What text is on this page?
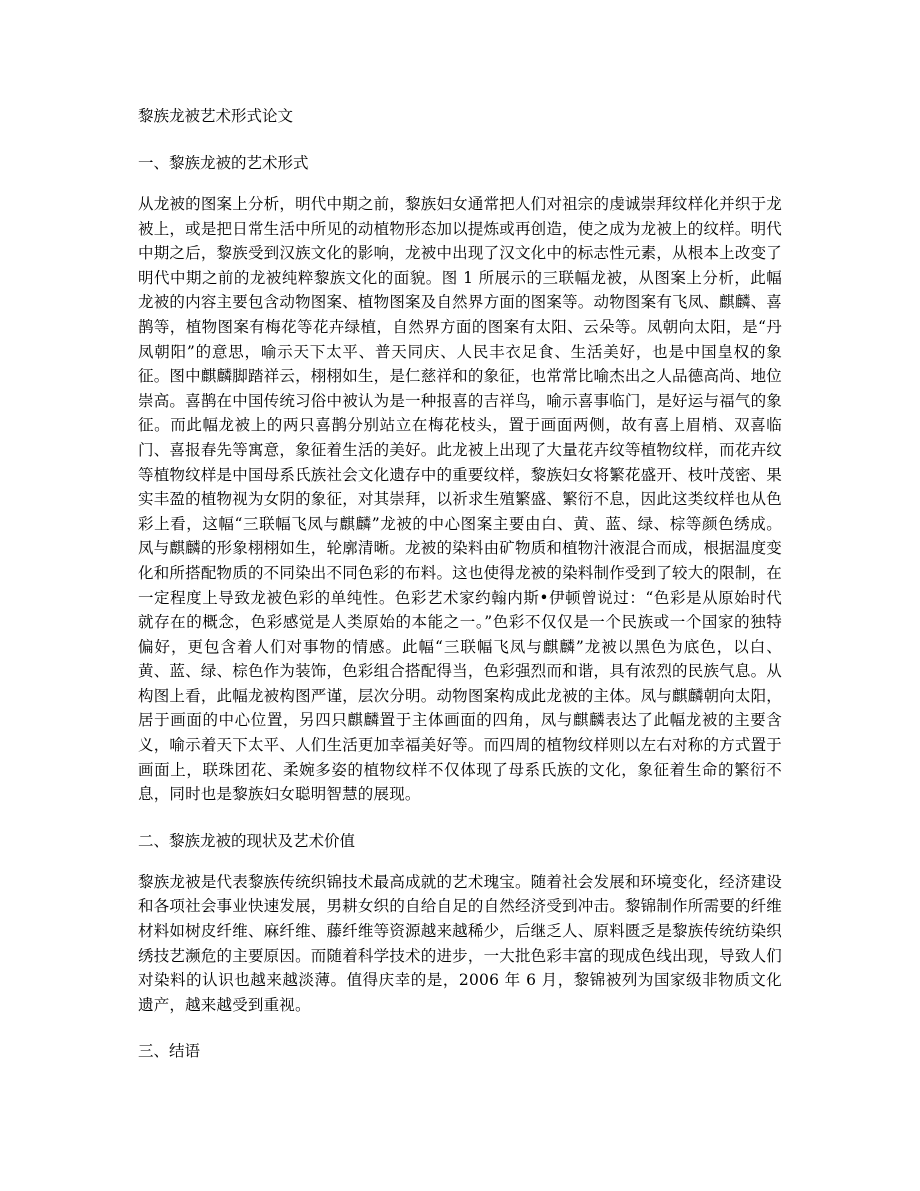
黎族龙被艺术形式论文
一、黎族龙被的艺术形式

从龙被的图案上分析，明代中期之前，黎族妇女通常把人们对祖宗的虔诚崇拜纹样化并织于龙被上，或是把日常生活中所见的动植物形态加以提炼或再创造，使之成为龙被上的纹样。明代中期之后，黎族受到汉族文化的影响，龙被中出现了汉文化中的标志性元素，从根本上改变了明代中期之前的龙被纯粹黎族文化的面貌。图 1 所展示的三联幅龙被，从图案上分析，此幅龙被的内容主要包含动物图案、植物图案及自然界方面的图案等。动物图案有飞凤、麒麟、喜鹊等，植物图案有梅花等花卉绿植，自然界方面的图案有太阳、云朵等。凤朝向太阳，是“丹凤朝阳”的意思，喻示天下太平、普天同庆、人民丰衣足食、生活美好，也是中国皇权的象征。图中麒麟脚踏祥云，栩栩如生，是仁慈祥和的象征，也常常比喻杰出之人品德高尚、地位崇高。喜鹊在中国传统习俗中被认为是一种报喜的吉祥鸟，喻示喜事临门，是好运与福气的象征。而此幅龙被上的两只喜鹊分别站立在梅花枝头，置于画面两侧，故有喜上眉梢、双喜临门、喜报春先等寓意，象征着生活的美好。此龙被上出现了大量花卉纹等植物纹样，而花卉纹等植物纹样是中国母系氏族社会文化遗存中的重要纹样，黎族妇女将繁花盛开、枝叶茂密、果实丰盈的植物视为女阴的象征，对其崇拜，以祈求生殖繁盛、繁衍不息，因此这类纹样也从色彩上看，这幅“三联幅飞凤与麒麟”龙被的中心图案主要由白、黄、蓝、绿、棕等颜色绣成。凤与麒麟的形象栩栩如生，轮廓清晰。龙被的染料由矿物质和植物汁液混合而成，根据温度变化和所搭配物质的不同染出不同色彩的布料。这也使得龙被的染料制作受到了较大的限制，在一定程度上导致龙被色彩的单纯性。色彩艺术家约翰内斯•伊顿曾说过：“色彩是从原始时代就存在的概念，色彩感觉是人类原始的本能之一。”色彩不仅仅是一个民族或一个国家的独特偏好，更包含着人们对事物的情感。此幅“三联幅飞凤与麒麟”龙被以黑色为底色，以白、黄、蓝、绿、棕色作为装饰，色彩组合搭配得当，色彩强烈而和谐，具有浓烈的民族气息。从构图上看，此幅龙被构图严谨，层次分明。动物图案构成此龙被的主体。凤与麒麟朝向太阳，居于画面的中心位置，另四只麒麟置于主体画面的四角，凤与麒麟表达了此幅龙被的主要含义，喻示着天下太平、人们生活更加幸福美好等。而四周的植物纹样则以左右对称的方式置于画面上，联珠团花、柔婉多姿的植物纹样不仅体现了母系氏族的文化，象征着生命的繁衍不息，同时也是黎族妇女聪明智慧的展现。

二、黎族龙被的现状及艺术价值

黎族龙被是代表黎族传统织锦技术最高成就的艺术瑰宝。随着社会发展和环境变化，经济建设和各项社会事业快速发展，男耕女织的自给自足的自然经济受到冲击。黎锦制作所需要的纤维材料如树皮纤维、麻纤维、藤纤维等资源越来越稀少，后继乏人、原料匮乏是黎族传统纺染织绣技艺濒危的主要原因。而随着科学技术的进步，一大批色彩丰富的现成色线出现，导致人们对染料的认识也越来越淡薄。值得庆幸的是，2006 年 6 月，黎锦被列为国家级非物质文化遗产，越来越受到重视。

三、结语
